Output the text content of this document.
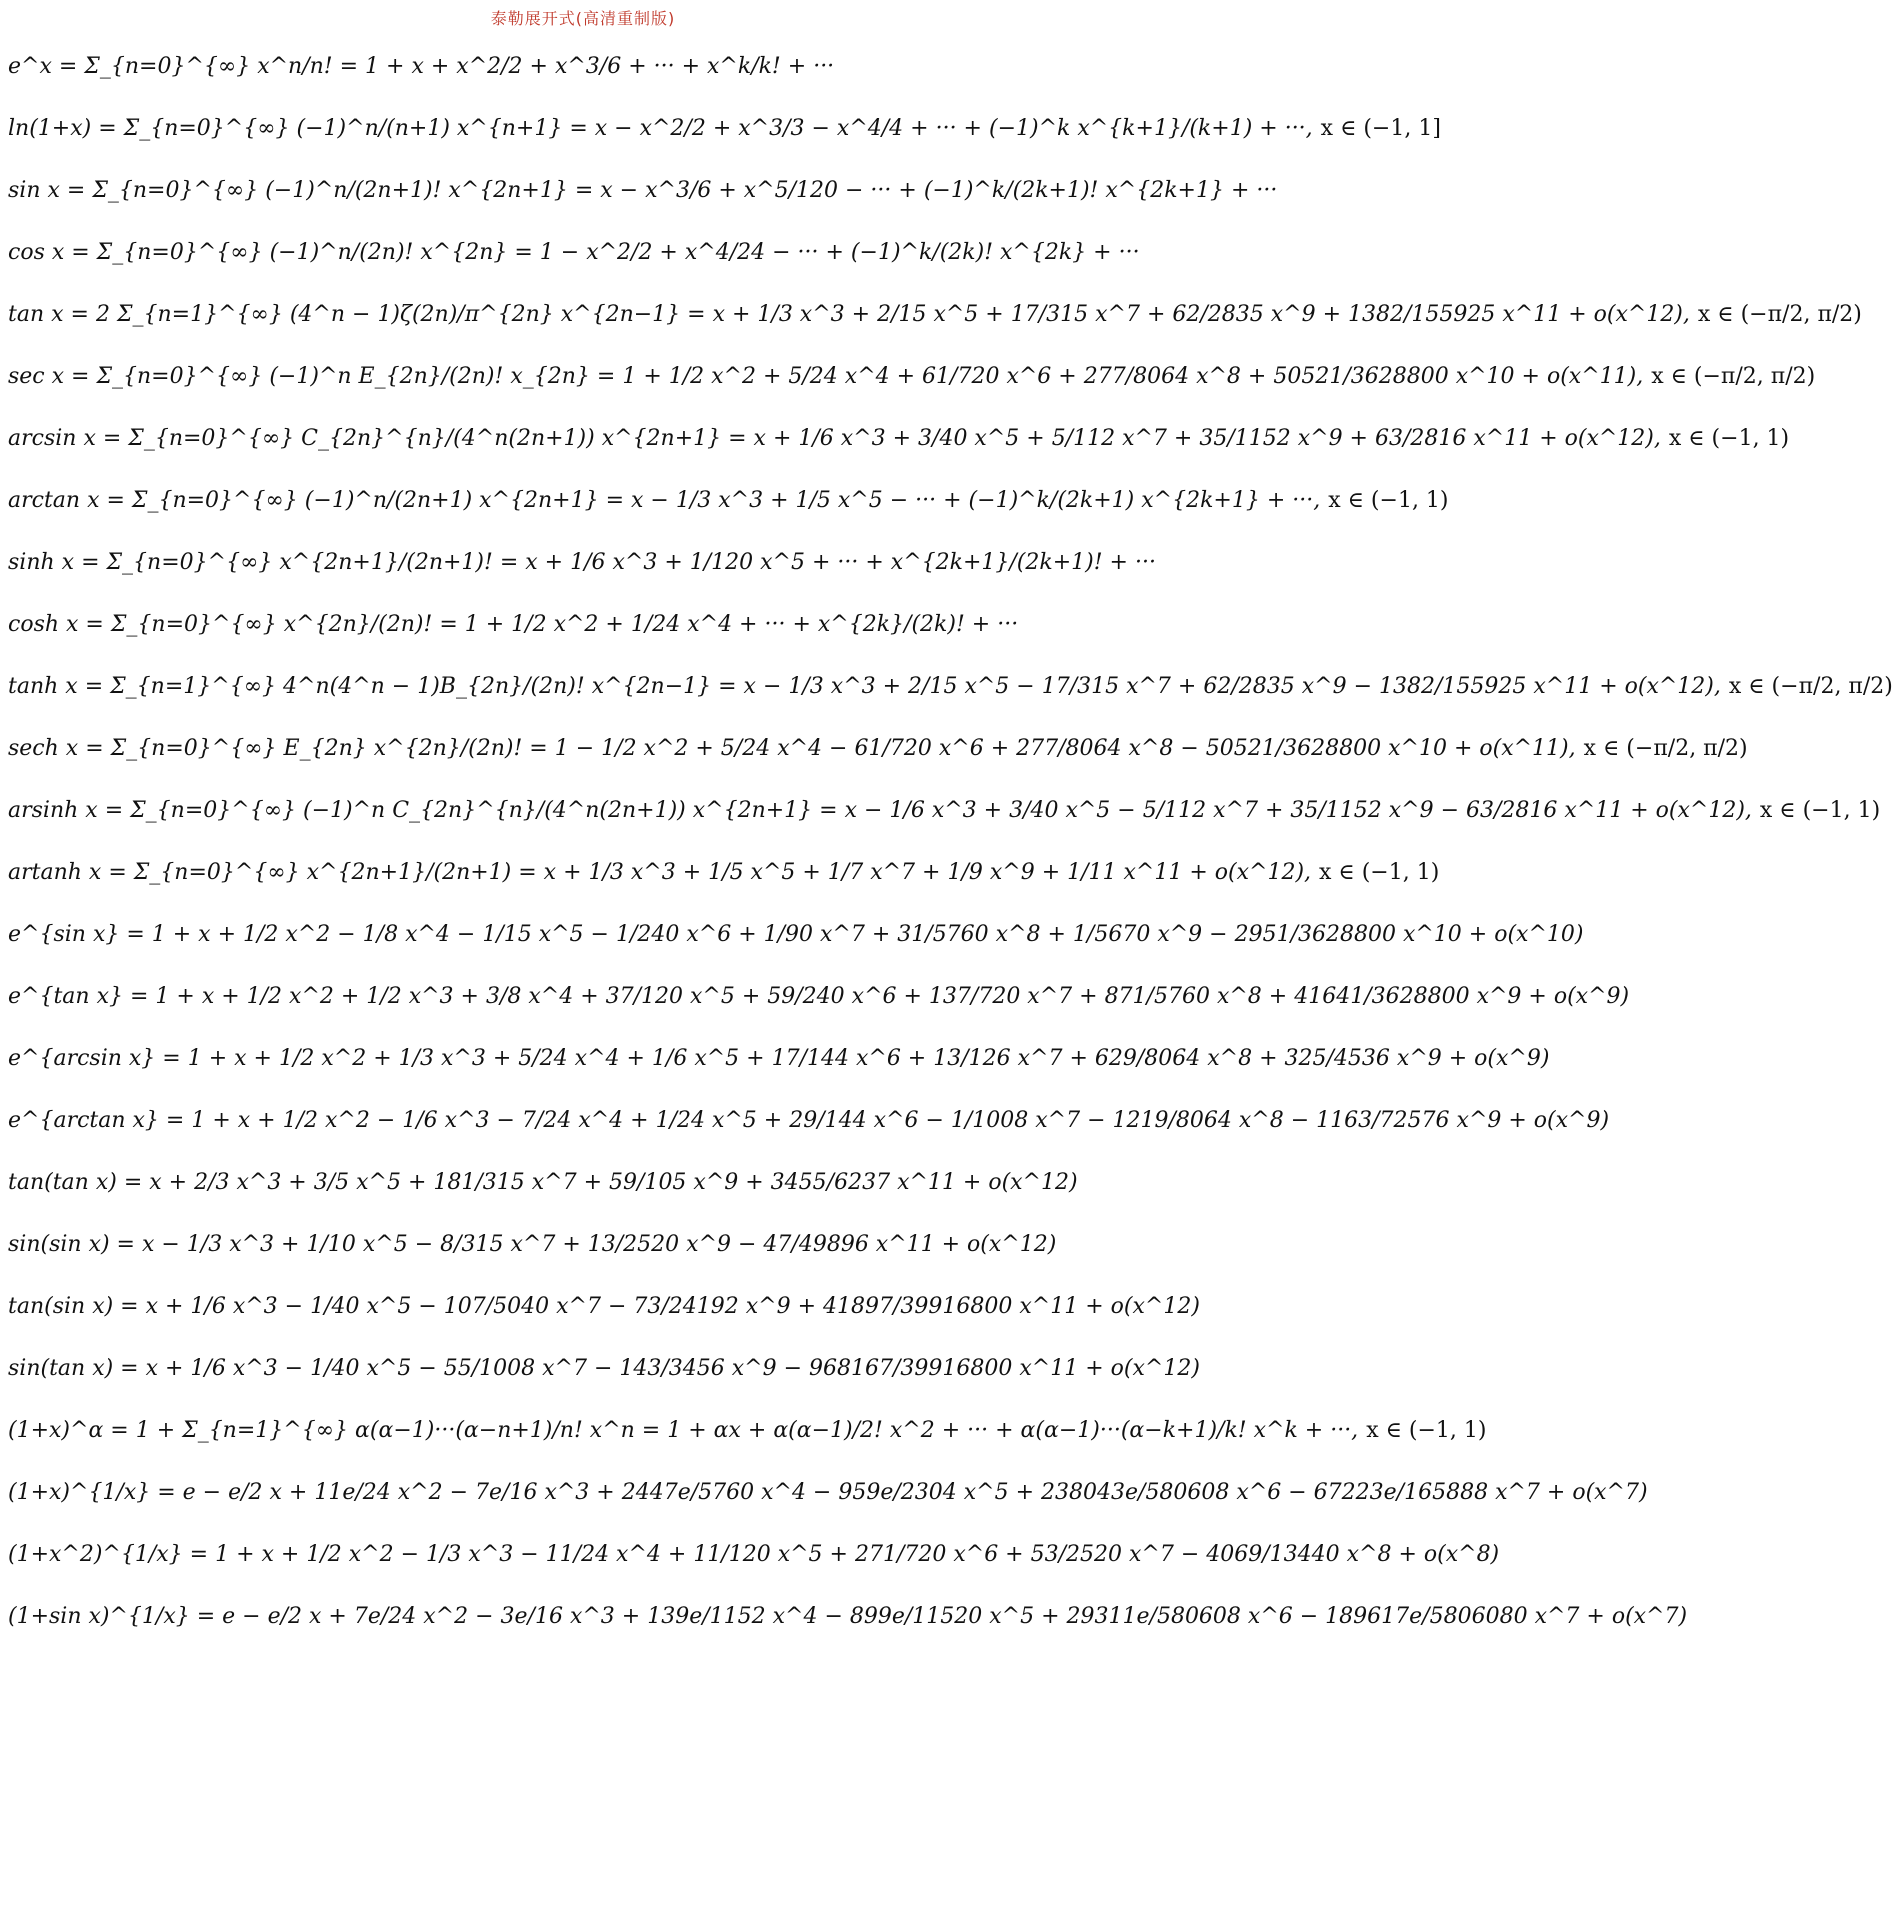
泰勒展开式(高清重制版)
e^x = Σ_{n=0}^{∞} x^n/n! = 1 + x + x^2/2 + x^3/6 + ··· + x^k/k! + ···
ln(1+x) = Σ_{n=0}^{∞} (−1)^n/(n+1) x^{n+1} = x − x^2/2 + x^3/3 − x^4/4 + ··· + (−1)^k x^{k+1}/(k+1) + ···, x ∈ (−1, 1]
sin x = Σ_{n=0}^{∞} (−1)^n/(2n+1)! x^{2n+1} = x − x^3/6 + x^5/120 − ··· + (−1)^k/(2k+1)! x^{2k+1} + ···
cos x = Σ_{n=0}^{∞} (−1)^n/(2n)! x^{2n} = 1 − x^2/2 + x^4/24 − ··· + (−1)^k/(2k)! x^{2k} + ···
tan x = 2 Σ_{n=1}^{∞} (4^n − 1)ζ(2n)/π^{2n} x^{2n−1} = x + 1/3 x^3 + 2/15 x^5 + 17/315 x^7 + 62/2835 x^9 + 1382/155925 x^11 + o(x^12), x ∈ (−π/2, π/2)
sec x = Σ_{n=0}^{∞} (−1)^n E_{2n}/(2n)! x_{2n} = 1 + 1/2 x^2 + 5/24 x^4 + 61/720 x^6 + 277/8064 x^8 + 50521/3628800 x^10 + o(x^11), x ∈ (−π/2, π/2)
arcsin x = Σ_{n=0}^{∞} C_{2n}^{n}/(4^n(2n+1)) x^{2n+1} = x + 1/6 x^3 + 3/40 x^5 + 5/112 x^7 + 35/1152 x^9 + 63/2816 x^11 + o(x^12), x ∈ (−1, 1)
arctan x = Σ_{n=0}^{∞} (−1)^n/(2n+1) x^{2n+1} = x − 1/3 x^3 + 1/5 x^5 − ··· + (−1)^k/(2k+1) x^{2k+1} + ···, x ∈ (−1, 1)
sinh x = Σ_{n=0}^{∞} x^{2n+1}/(2n+1)! = x + 1/6 x^3 + 1/120 x^5 + ··· + x^{2k+1}/(2k+1)! + ···
cosh x = Σ_{n=0}^{∞} x^{2n}/(2n)! = 1 + 1/2 x^2 + 1/24 x^4 + ··· + x^{2k}/(2k)! + ···
tanh x = Σ_{n=1}^{∞} 4^n(4^n − 1)B_{2n}/(2n)! x^{2n−1} = x − 1/3 x^3 + 2/15 x^5 − 17/315 x^7 + 62/2835 x^9 − 1382/155925 x^11 + o(x^12), x ∈ (−π/2, π/2)
sech x = Σ_{n=0}^{∞} E_{2n} x^{2n}/(2n)! = 1 − 1/2 x^2 + 5/24 x^4 − 61/720 x^6 + 277/8064 x^8 − 50521/3628800 x^10 + o(x^11), x ∈ (−π/2, π/2)
arsinh x = Σ_{n=0}^{∞} (−1)^n C_{2n}^{n}/(4^n(2n+1)) x^{2n+1} = x − 1/6 x^3 + 3/40 x^5 − 5/112 x^7 + 35/1152 x^9 − 63/2816 x^11 + o(x^12), x ∈ (−1, 1)
artanh x = Σ_{n=0}^{∞} x^{2n+1}/(2n+1) = x + 1/3 x^3 + 1/5 x^5 + 1/7 x^7 + 1/9 x^9 + 1/11 x^11 + o(x^12), x ∈ (−1, 1)
e^{sin x} = 1 + x + 1/2 x^2 − 1/8 x^4 − 1/15 x^5 − 1/240 x^6 + 1/90 x^7 + 31/5760 x^8 + 1/5670 x^9 − 2951/3628800 x^10 + o(x^10)
e^{tan x} = 1 + x + 1/2 x^2 + 1/2 x^3 + 3/8 x^4 + 37/120 x^5 + 59/240 x^6 + 137/720 x^7 + 871/5760 x^8 + 41641/3628800 x^9 + o(x^9)
e^{arcsin x} = 1 + x + 1/2 x^2 + 1/3 x^3 + 5/24 x^4 + 1/6 x^5 + 17/144 x^6 + 13/126 x^7 + 629/8064 x^8 + 325/4536 x^9 + o(x^9)
e^{arctan x} = 1 + x + 1/2 x^2 − 1/6 x^3 − 7/24 x^4 + 1/24 x^5 + 29/144 x^6 − 1/1008 x^7 − 1219/8064 x^8 − 1163/72576 x^9 + o(x^9)
tan(tan x) = x + 2/3 x^3 + 3/5 x^5 + 181/315 x^7 + 59/105 x^9 + 3455/6237 x^11 + o(x^12)
sin(sin x) = x − 1/3 x^3 + 1/10 x^5 − 8/315 x^7 + 13/2520 x^9 − 47/49896 x^11 + o(x^12)
tan(sin x) = x + 1/6 x^3 − 1/40 x^5 − 107/5040 x^7 − 73/24192 x^9 + 41897/39916800 x^11 + o(x^12)
sin(tan x) = x + 1/6 x^3 − 1/40 x^5 − 55/1008 x^7 − 143/3456 x^9 − 968167/39916800 x^11 + o(x^12)
(1+x)^α = 1 + Σ_{n=1}^{∞} α(α−1)···(α−n+1)/n! x^n = 1 + αx + α(α−1)/2! x^2 + ··· + α(α−1)···(α−k+1)/k! x^k + ···, x ∈ (−1, 1)
(1+x)^{1/x} = e − e/2 x + 11e/24 x^2 − 7e/16 x^3 + 2447e/5760 x^4 − 959e/2304 x^5 + 238043e/580608 x^6 − 67223e/165888 x^7 + o(x^7)
(1+x^2)^{1/x} = 1 + x + 1/2 x^2 − 1/3 x^3 − 11/24 x^4 + 11/120 x^5 + 271/720 x^6 + 53/2520 x^7 − 4069/13440 x^8 + o(x^8)
(1+sin x)^{1/x} = e − e/2 x + 7e/24 x^2 − 3e/16 x^3 + 139e/1152 x^4 − 899e/11520 x^5 + 29311e/580608 x^6 − 189617e/5806080 x^7 + o(x^7)
